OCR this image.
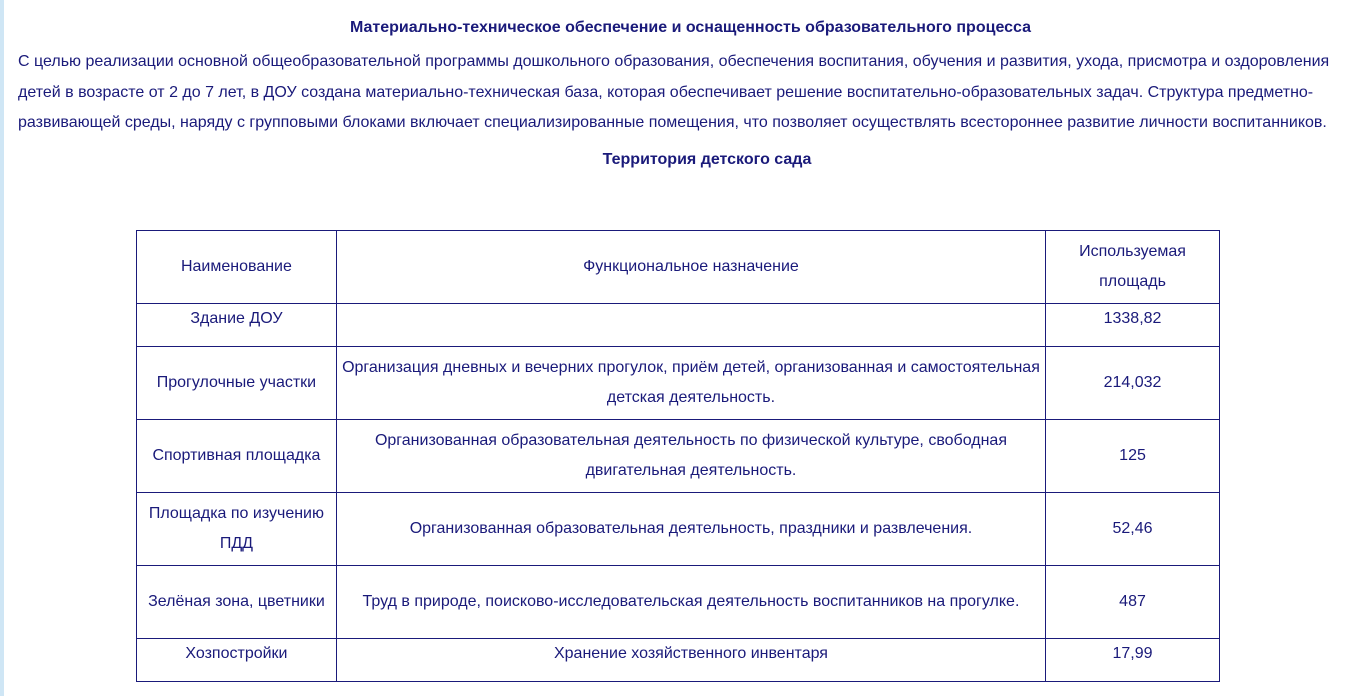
Материально-техническое обеспечение и оснащенность образовательного процесса

С целью реализации основной общеобразовательной программы дошкольного образования, обеспечения воспитания, обучения и развития, ухода, присмотра и оздоровления детей в возрасте от 2 до 7 лет, в ДОУ создана материально-техническая база, которая обеспечивает решение воспитательно-образовательных задач. Структура предметно-развивающей среды, наряду с групповыми блоками включает специализированные помещения, что позволяет осуществлять всестороннее развитие личности воспитанников.

Территория детского сада
Наименование	Функциональное назначение	Используемая площадь
Здание ДОУ		1338,82
Прогулочные участки	Организация дневных и вечерних прогулок, приём детей, организованная и самостоятельная детская деятельность.	214,032
Спортивная площадка	Организованная образовательная деятельность по физической культуре, свободная двигательная деятельность.	125
Площадка по изучению ПДД	Организованная образовательная деятельность, праздники и развлечения.	52,46
Зелёная зона, цветники	Труд в природе, поисково-исследовательская деятельность воспитанников на прогулке.	487
Хозпостройки	Хранение хозяйственного инвентаря	17,99
